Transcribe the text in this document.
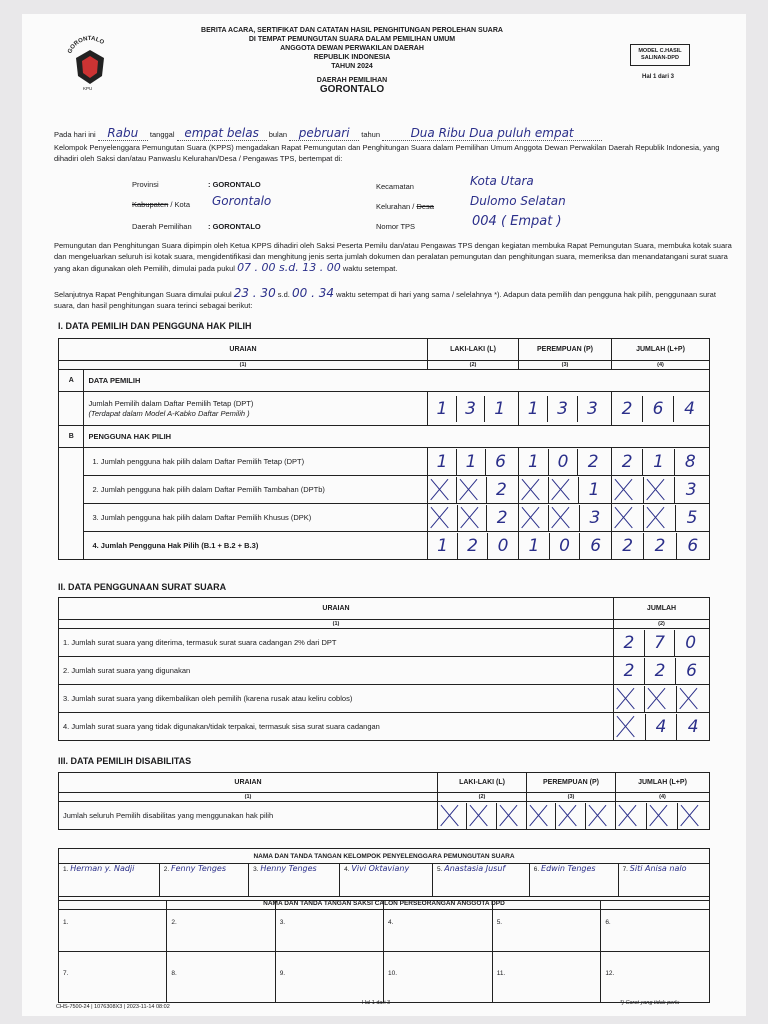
GORONTALO
KPU
BERITA ACARA, SERTIFIKAT DAN CATATAN HASIL PENGHITUNGAN PEROLEHAN SUARA
DI TEMPAT PEMUNGUTAN SUARA DALAM PEMILIHAN UMUM
ANGGOTA DEWAN PERWAKILAN DAERAH
REPUBLIK INDONESIA
TAHUN 2024
DAERAH PEMILIHAN
GORONTALO
MODEL C.HASIL
SALINAN-DPD
Hal 1 dari 3
Pada hari ini Rabu tanggal empat belas bulan pebruari tahun	Dua Ribu Dua puluh empat
Kelompok Penyelenggara Pemungutan Suara (KPPS) mengadakan Rapat Pemungutan dan Penghitungan Suara dalam Pemilihan Umum Anggota Dewan Perwakilan Daerah Republik Indonesia, yang dihadiri oleh Saksi dan/atau Panwaslu Kelurahan/Desa / Pengawas TPS, bertempat di:
Provinsi	: GORONTALO
Kabupaten / Kota Gorontalo
Daerah Pemilihan : GORONTALO
Kecamatan	Kota Utara
Kelurahan / Desa	Dulomo Selatan
Nomor TPS	004 ( Empat )
Pemungutan dan Penghitungan Suara dipimpin oleh Ketua KPPS dihadiri oleh Saksi Peserta Pemilu dan/atau Pengawas TPS dengan kegiatan membuka Rapat Pemungutan Suara, membuka kotak suara dan mengeluarkan seluruh isi kotak suara, mengidentifikasi dan menghitung jenis serta jumlah dokumen dan peralatan pemungutan dan penghitungan suara, memeriksa dan menandatangani surat suara yang akan digunakan oleh Pemilih, dimulai pada pukul 07 . 00 s.d. 13 . 00 waktu setempat.
Selanjutnya Rapat Penghitungan Suara dimulai pukul 23 . 30 s.d. 00 . 34 waktu setempat di hari yang sama / selelahnya *). Adapun data pemilih dan pengguna hak pilih, penggunaan surat suara, dan hasil penghitungan suara terinci sebagai berikut:
I. DATA PEMILIH DAN PENGGUNA HAK PILIH
URAIAN		LAKI-LAKI (L)	PEREMPUAN (P)	JUMLAH (L+P)
(1)		(2)	(3)	(4)
A	DATA PEMILIH			

	Jumlah Pemilih dalam Daftar Pemilih Tetap (DPT)
(Terdapat dalam Model A-Kabko Daftar Pemilih )	1 3 1	1 3 3	2 6 4
B	PENGGUNA HAK PILIH			
	1. Jumlah pengguna hak pilih dalam Daftar Pemilih Tetap (DPT)	1 1 6	1 0 2	2 1 8
	2. Jumlah pengguna hak pilih dalam Daftar Pemilih Tambahan (DPTb)	2	1	3
	3. Jumlah pengguna hak pilih dalam Daftar Pemilih Khusus (DPK)	2	3	5
	4. Jumlah Pengguna Hak Pilih (B.1 + B.2 + B.3)	1 2 0	1 0 6	2 2 6
II. DATA PENGGUNAAN SURAT SUARA
URAIAN	JUMLAH
(1)	(2)
1. Jumlah surat suara yang diterima, termasuk surat suara cadangan 2% dari DPT	2 7 0
2. Jumlah surat suara yang digunakan	2 2 6
3. Jumlah surat suara yang dikembalikan oleh pemilih (karena rusak atau keliru coblos)	
4. Jumlah surat suara yang tidak digunakan/tidak terpakai, termasuk sisa surat suara cadangan	4 4
III. DATA PEMILIH DISABILITAS
URAIAN	LAKI-LAKI (L)	PEREMPUAN (P)	JUMLAH (L+P)
(1)	(2)	(3)	(4)
Jumlah seluruh Pemilih disabilitas yang menggunakan hak pilih			
NAMA DAN TANDA TANGAN KELOMPOK PENYELENGGARA PEMUNGUTAN SUARA
1. Herman y. Nadji	2. Fenny Tenges	3. Henny Tenges	4. Vivi Oktaviany	5. Anastasia Jusuf	6. Edwin Tenges	7. Siti Anisa nalo
NAMA DAN TANDA TANGAN SAKSI CALON PERSEORANGAN ANGGOTA DPD
1.	2.	3.	4.	5.	6.
7.	8.	9.	10.	11.	12.
CHS-7500-24 | 1076308X3 | 2023-11-14 08:02
Hal 1 dari 3	*) Coret yang tidak perlu
